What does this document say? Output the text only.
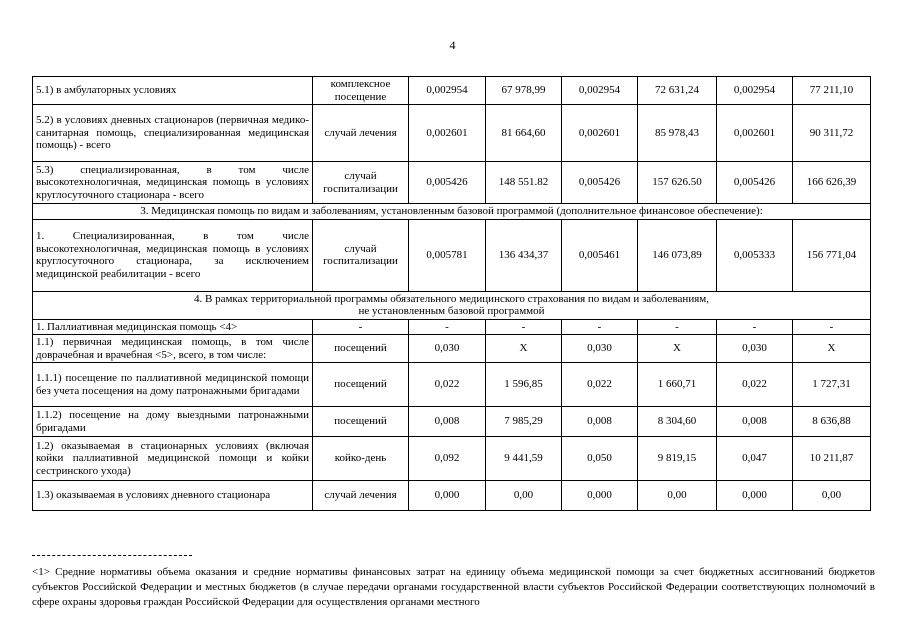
4
5.1) в амбулаторных условиях	комплексное посещение	0,002954	67 978,99	0,002954	72 631,24	0,002954	77 211,10
5.2) в условиях дневных стационаров (первичная медико-санитарная помощь, специализированная медицинская помощь) - всего	случай лечения	0,002601	81 664,60	0,002601	85 978,43	0,002601	90 311,72
5.3) специализированная, в том числе высокотехнологичная, медицинская помощь в условиях круглосуточного стационара - всего	случай госпитализации	0,005426	148 551.82	0,005426	157 626.50	0,005426	166 626,39
3. Медицинская помощь по видам и заболеваниям, установленным базовой программой (дополнительное финансовое обеспечение):							
1. Специализированная, в том числе высокотехнологичная, медицинская помощь в условиях круглосуточного стационара, за исключением медицинской реабилитации - всего	случай госпитализации	0,005781	136 434,37	0,005461	146 073,89	0,005333	156 771,04
4. В рамках территориальной программы обязательного медицинского страхования по видам и заболеваниям,
не установленным базовой программой							
1. Паллиативная медицинская помощь <4>	-	-	-	-	-	-	-
1.1) первичная медицинская помощь, в том числе доврачебная и врачебная <5>, всего, в том числе:	посещений	0,030	X	0,030	X	0,030	X
1.1.1) посещение по паллиативной медицинской помощи без учета посещения на дому патронажными бригадами	посещений	0,022	1 596,85	0,022	1 660,71	0,022	1 727,31
1.1.2) посещение на дому выездными патронажными бригадами	посещений	0,008	7 985,29	0,008	8 304,60	0,008	8 636,88
1.2) оказываемая в стационарных условиях (включая койки паллиативной медицинской помощи и койки сестринского ухода)	койко-день	0,092	9 441,59	0,050	9 819,15	0,047	10 211,87
1.3) оказываемая в условиях дневного стационара	случай лечения	0,000	0,00	0,000	0,00	0,000	0,00
<1> Средние нормативы объема оказания и средние нормативы финансовых затрат на единицу объема медицинской помощи за счет бюджетных ассигнований бюджетов субъектов Российской Федерации и местных бюджетов (в случае передачи органами государственной власти субъектов Российской Федерации соответствующих полномочий в сфере охраны здоровья граждан Российской Федерации для осуществления органами местного
